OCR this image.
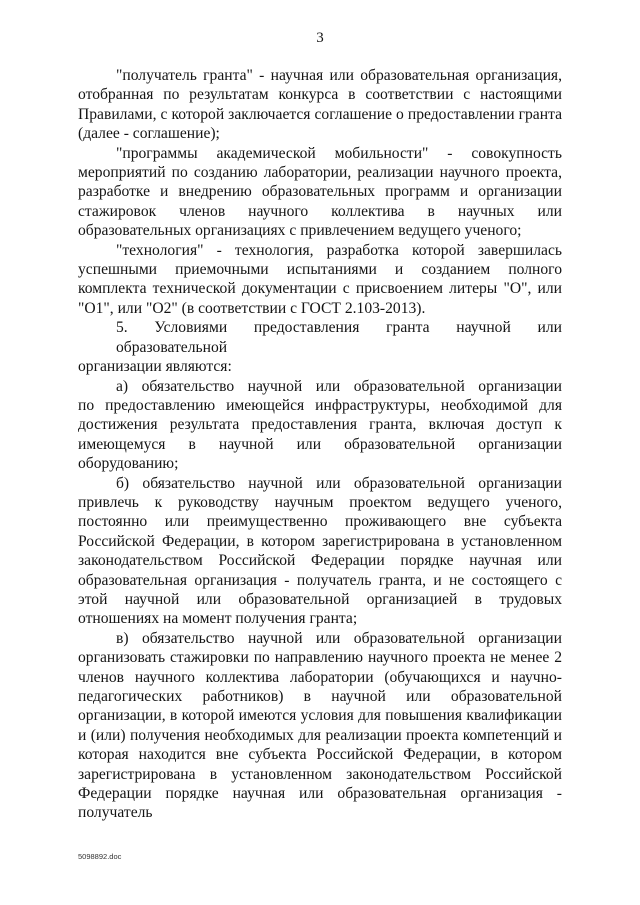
3

"получатель гранта" - научная или образовательная организация,
отобранная по результатам конкурса в соответствии с настоящими Правилами, с которой заключается соглашение о предоставлении гранта (далее - соглашение);

"программы академической мобильности" - совокупность
мероприятий по созданию лаборатории, реализации научного проекта, разработке и внедрению образовательных программ и организации стажировок членов научного коллектива в научных или образовательных организациях с привлечением ведущего ученого;

"технология" - технология, разработка которой завершилась
успешными приемочными испытаниями и созданием полного комплекта технической документации с присвоением литеры "О", или "О1", или "О2" (в соответствии с ГОСТ 2.103-2013).

5. Условиями предоставления гранта научной или образовательной
организации являются:

а) обязательство научной или образовательной организации
по предоставлению имеющейся инфраструктуры, необходимой для достижения результата предоставления гранта, включая доступ к имеющемуся в научной или образовательной организации оборудованию;

б) обязательство научной или образовательной организации
привлечь к руководству научным проектом ведущего ученого, постоянно или преимущественно проживающего вне субъекта Российской Федерации, в котором зарегистрирована в установленном законодательством Российской Федерации порядке научная или образовательная организация - получатель гранта, и не состоящего с этой научной или образовательной организацией в трудовых отношениях на момент получения гранта;

в) обязательство научной или образовательной организации
организовать стажировки по направлению научного проекта не менее 2 членов научного коллектива лаборатории (обучающихся и научно-педагогических работников) в научной или образовательной организации, в которой имеются условия для повышения квалификации и (или) получения необходимых для реализации проекта компетенций и которая находится вне субъекта Российской Федерации, в котором зарегистрирована в установленном законодательством Российской Федерации порядке научная или образовательная организация - получатель

5098892.doc
